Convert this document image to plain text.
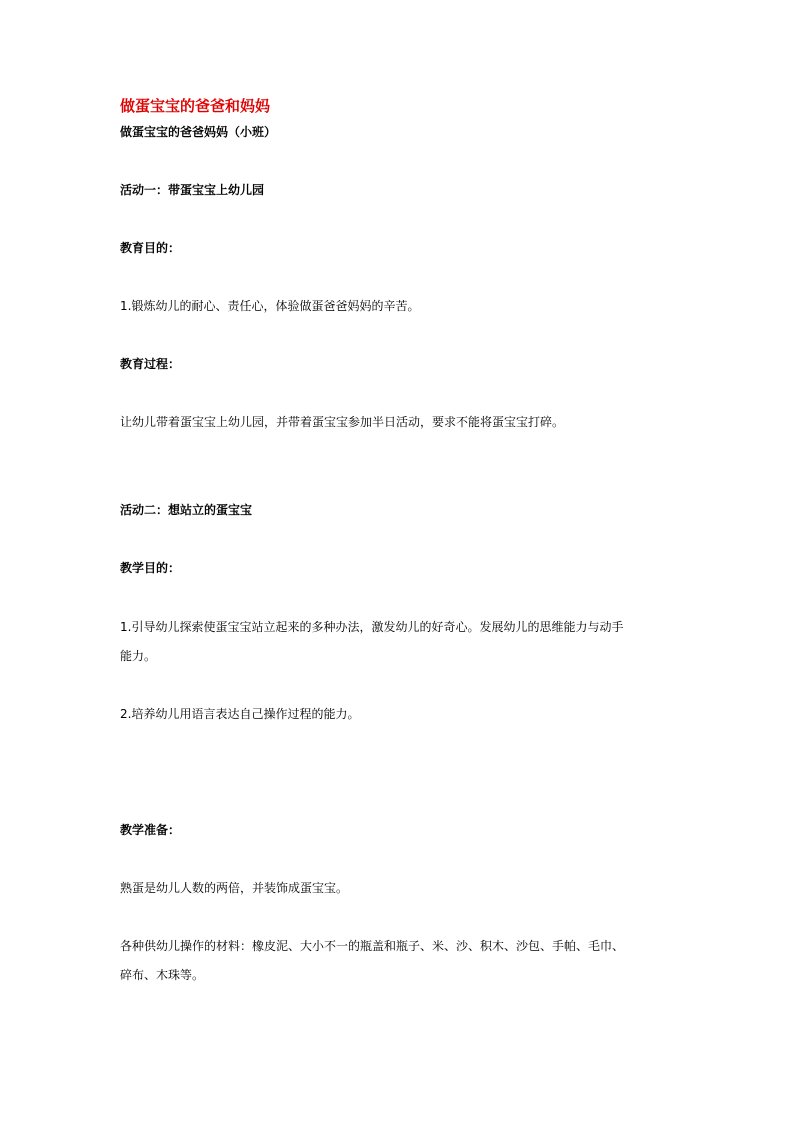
做蛋宝宝的爸爸和妈妈
做蛋宝宝的爸爸妈妈（小班）
活动一：带蛋宝宝上幼儿园
教育目的：
1.锻炼幼儿的耐心、责任心，体验做蛋爸爸妈妈的辛苦。
教育过程：
让幼儿带着蛋宝宝上幼儿园，并带着蛋宝宝参加半日活动，要求不能将蛋宝宝打碎。
活动二：想站立的蛋宝宝
教学目的：
1.引导幼儿探索使蛋宝宝站立起来的多种办法，激发幼儿的好奇心。发展幼儿的思维能力与动手
能力。
2.培养幼儿用语言表达自己操作过程的能力。
教学准备：
熟蛋是幼儿人数的两倍，并装饰成蛋宝宝。
各种供幼儿操作的材料：橡皮泥、大小不一的瓶盖和瓶子、米、沙、积木、沙包、手帕、毛巾、
碎布、木珠等。
